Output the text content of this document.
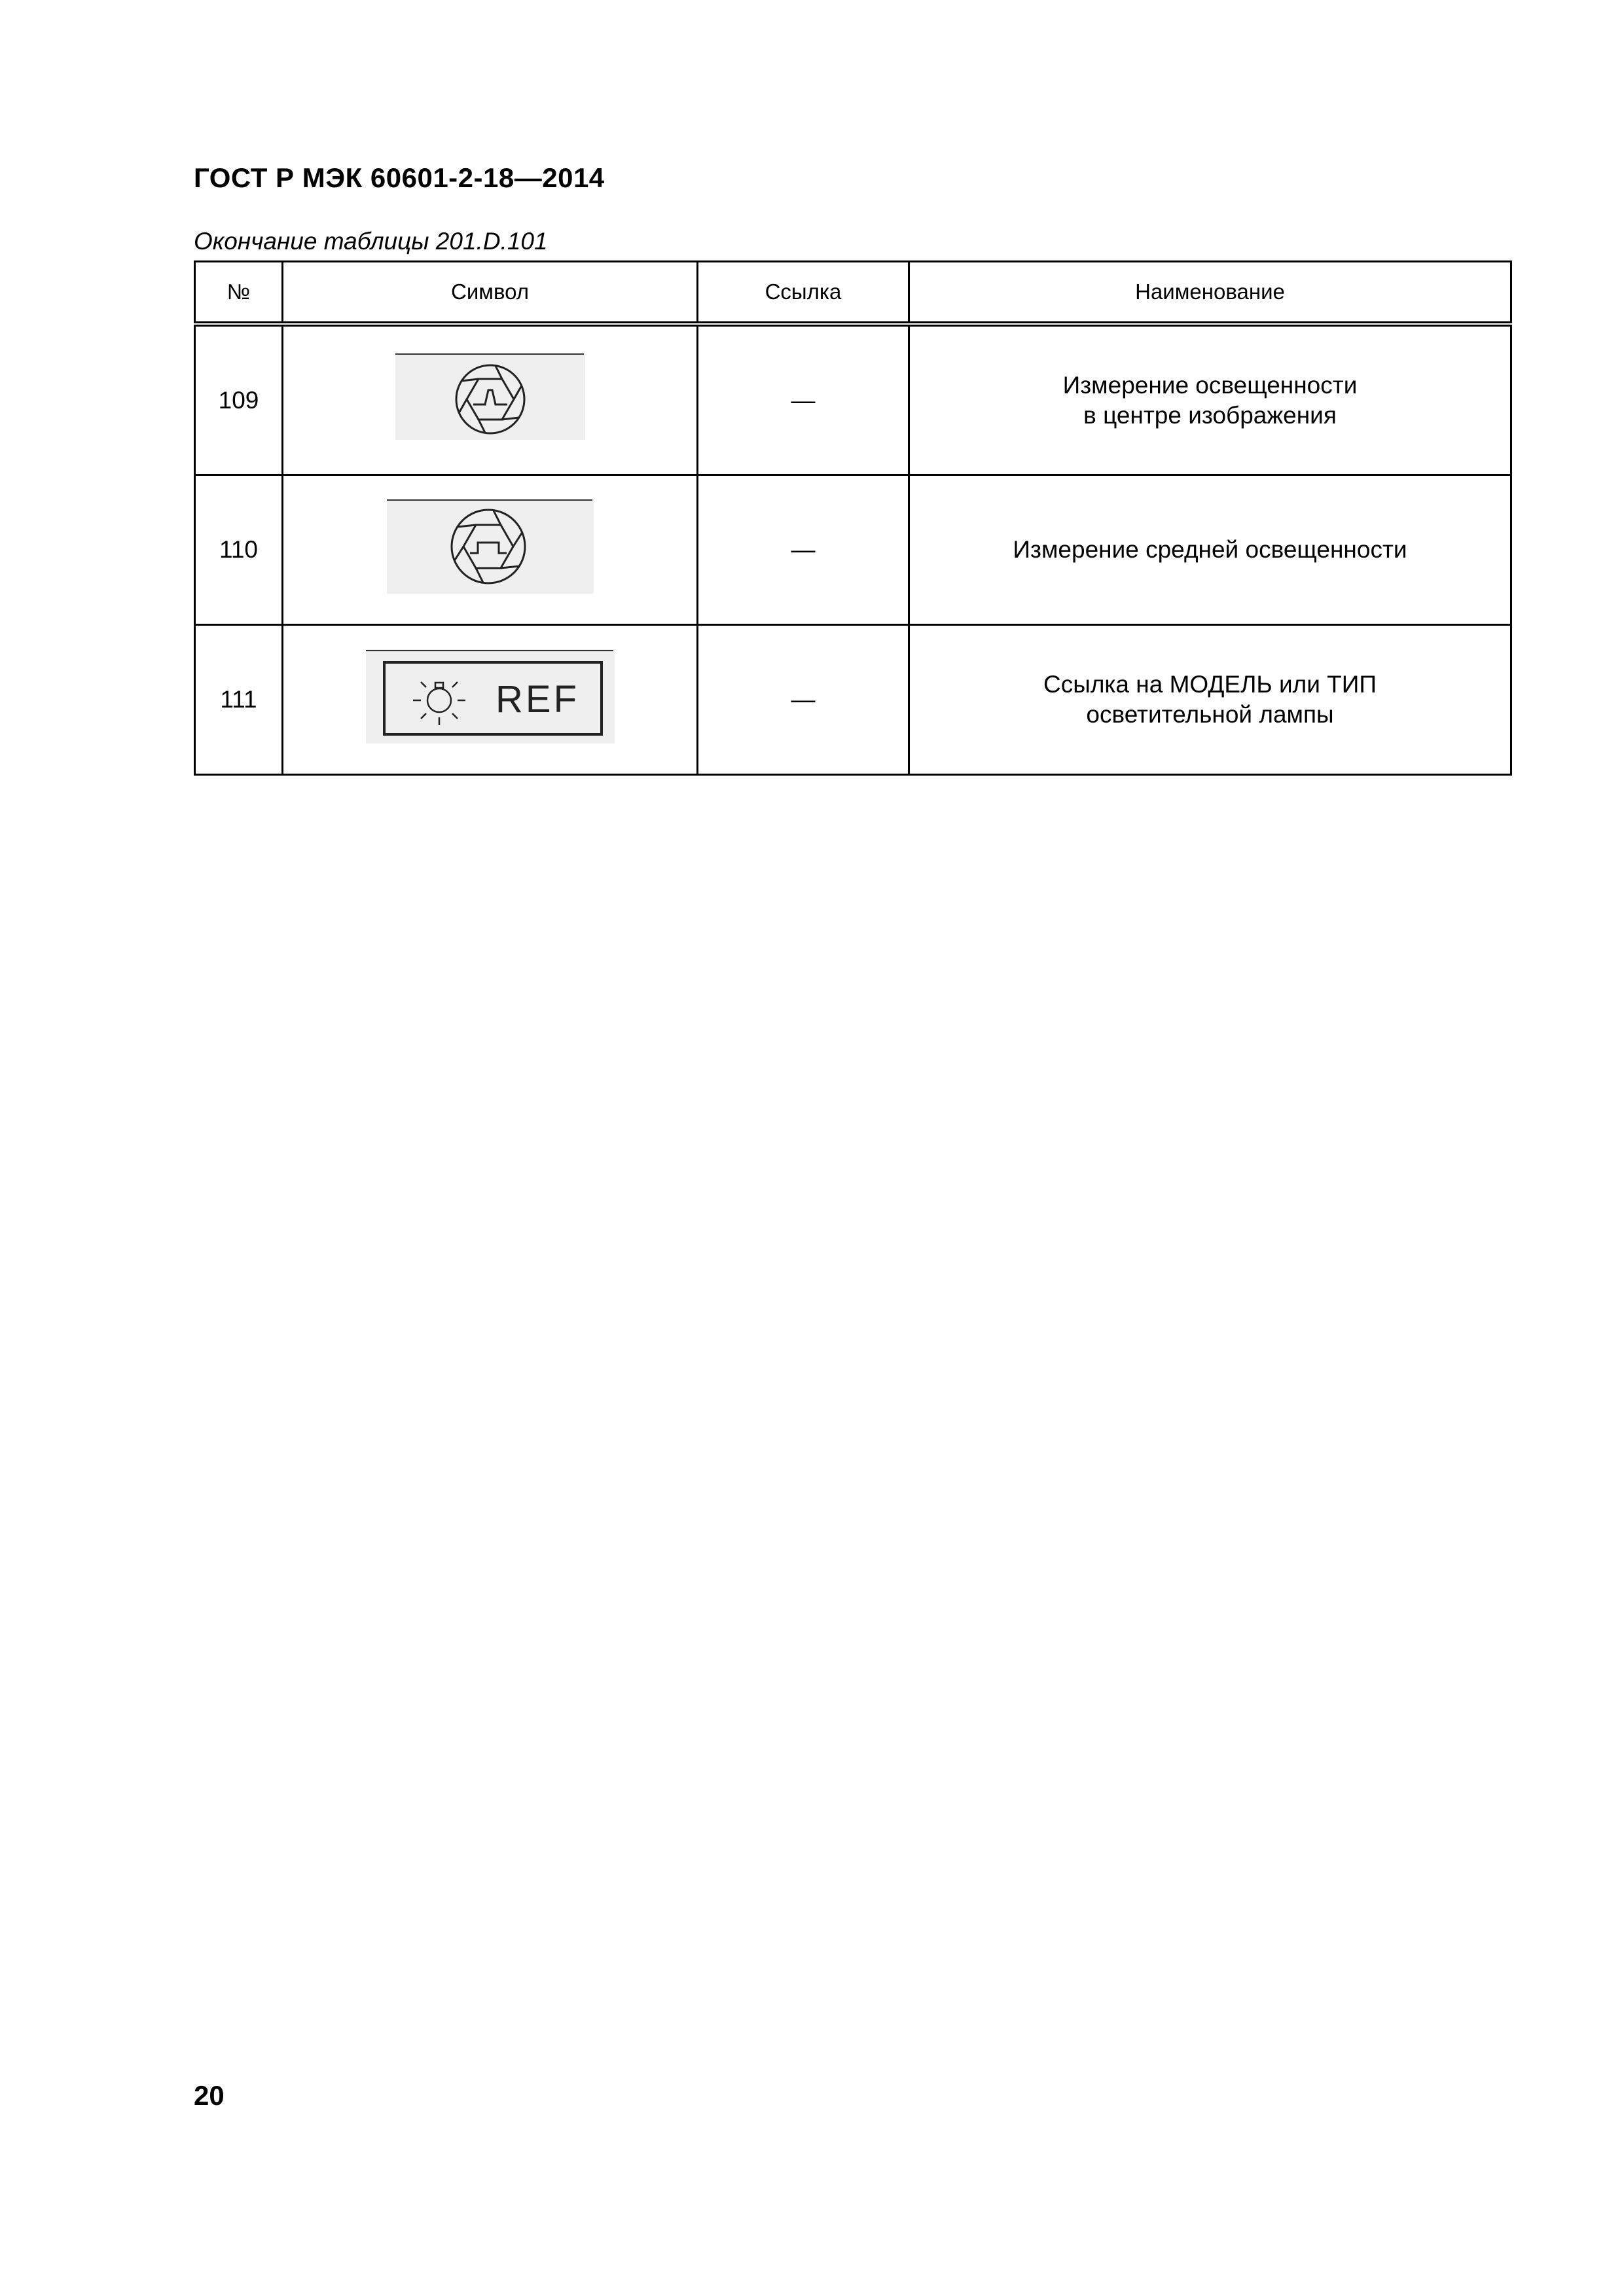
ГОСТ Р МЭК 60601-2-18—2014
Окончание таблицы 201.D.101
№	Символ	Ссылка	Наименование
109		—	Измерение освещенности
в центре изображения

110		—	Измерение средней освещенности

111	REF	—	Ссылка на МОДЕЛЬ или ТИП
осветительной лампы
20
